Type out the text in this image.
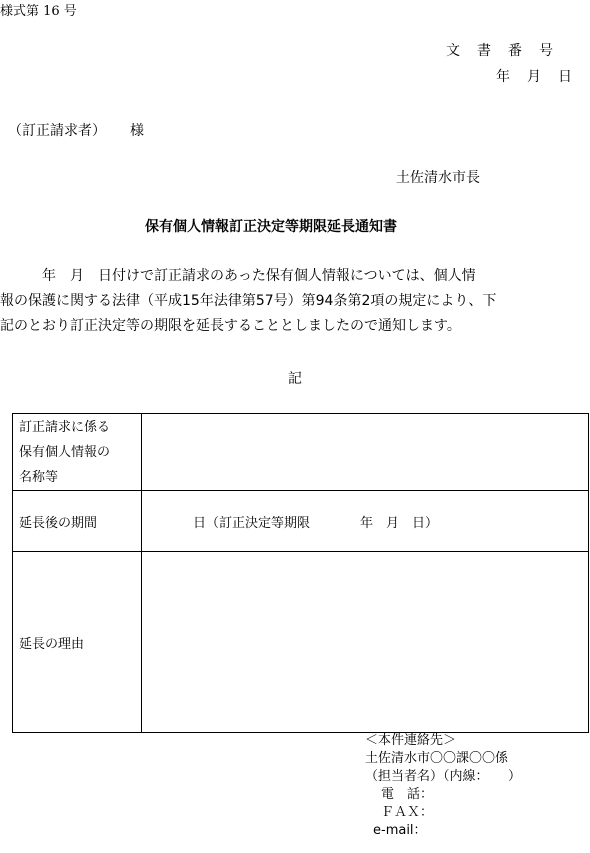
様式第 16 号
文 書 番 号
年 月 日
（訂正請求者） 様
土佐清水市長
保有個人情報訂正決定等期限延長通知書
　　　年　月　日付けで訂正請求のあった保有個人情報については、個人情
報の保護に関する法律（平成15年法律第57号）第94条第2項の規定により、下
記のとおり訂正決定等の期限を延長することとしましたので通知します。
記
訂正請求に係る
保有個人情報の
名称等	

延長後の期間	日（訂正決定等期限 年　月　日）

延長の理由	
＜本件連絡先＞
土佐清水市〇〇課〇〇係
（担当者名）（内線：　　）
電　話：
ＦＡＸ：
e-mail：
